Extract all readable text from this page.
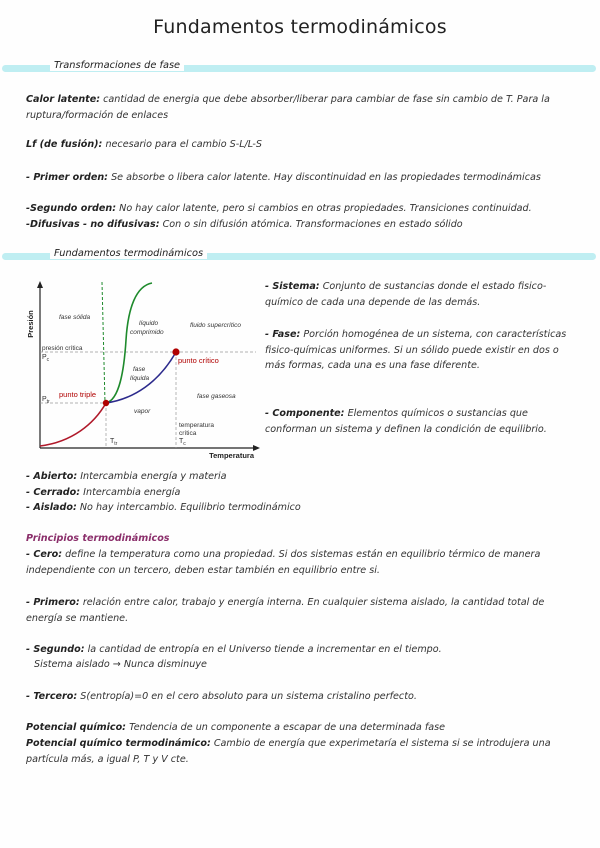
Fundamentos termodinámicos
Transformaciones de fase
Calor latente: cantidad de energia que debe absorber/liberar para cambiar de fase sin cambio de T. Para la ruptura/formación de enlaces
Lf (de fusión): necesario para el cambio S-L/L-S
- Primer orden: Se absorbe o libera calor latente. Hay discontinuidad en las propiedades termodinámicas
-Segundo orden: No hay calor latente, pero si cambios en otras propiedades. Transiciones continuidad.
-Difusivas - no difusivas: Con o sin difusión atómica. Transformaciones en estado sólido
Fundamentos termodinámicos
Presión
Temperatura
fase sólida
líquido
comprimido
fluido supercrítico
presión crítica
$P_c$
$P_{tr}$
fase
líquida
punto crítico
punto triple	fase gaseosa
vapor
temperatura
crítica
$T_{tr}$	$T_c$
- Sistema: Conjunto de sustancias donde el estado fisico-químico de cada una depende de las demás.
- Fase: Porción homogénea de un sistema, con características fisico-químicas uniformes. Si un sólido puede existir en dos o más formas, cada una es una fase diferente.
- Componente: Elementos químicos o sustancias que conforman un sistema y definen la condición de equilibrio.
- Abierto: Intercambia energía y materia
- Cerrado: Intercambia energía
- Aislado: No hay intercambio. Equilibrio termodinámico
Principios termodinámicos
- Cero: define la temperatura como una propiedad. Si dos sistemas están en equilibrio térmico de manera independiente con un tercero, deben estar también en equilibrio entre si.
- Primero: relación entre calor, trabajo y energía interna. En cualquier sistema aislado, la cantidad total de energía se mantiene.
- Segundo: la cantidad de entropía en el Universo tiende a incrementar en el tiempo.
Sistema aislado → Nunca disminuye
- Tercero: S(entropía)=0 en el cero absoluto para un sistema cristalino perfecto.
Potencial químico: Tendencia de un componente a escapar de una determinada fase
Potencial químico termodinámico: Cambio de energía que experimetaría el sistema si se introdujera una partícula más, a igual P, T y V cte.
